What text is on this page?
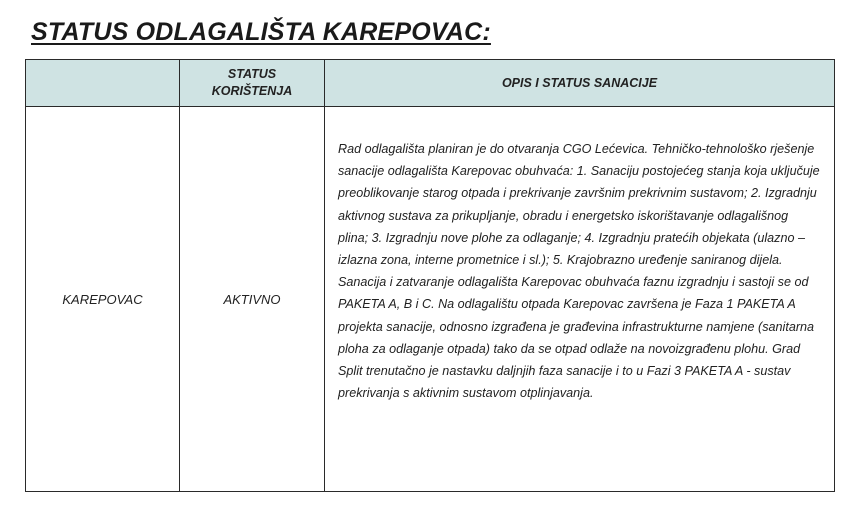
STATUS ODLAGALIŠTA KAREPOVAC:

	STATUS
KORIŠTENJA	OPIS I STATUS SANACIJE
KAREPOVAC	AKTIVNO	Rad odlagališta planiran je do otvaranja CGO Lećevica. Tehničko-tehnološko rješenje sanacije odlagališta Karepovac obuhvaća: 1. Sanaciju postojećeg stanja koja uključuje preoblikovanje starog otpada i prekrivanje završnim prekrivnim sustavom; 2. Izgradnju aktivnog sustava za prikupljanje, obradu i energetsko iskorištavanje odlagališnog plina; 3. Izgradnju nove plohe za odlaganje; 4. Izgradnju pratećih objekata (ulazno – izlazna zona, interne prometnice i sl.); 5. Krajobrazno uređenje saniranog dijela.

Sanacija i zatvaranje odlagališta Karepovac obuhvaća faznu izgradnju i sastoji se od PAKETA A, B i C. Na odlagalištu otpada Karepovac završena je Faza 1 PAKETA A projekta sanacije, odnosno izgrađena je građevina infrastrukturne namjene (sanitarna ploha za odlaganje otpada) tako da se otpad odlaže na novoizgrađenu plohu. Grad Split trenutačno je nastavku daljnjih faza sanacije i to u Fazi 3 PAKETA A - sustav prekrivanja s aktivnim sustavom otplinjavanja.
